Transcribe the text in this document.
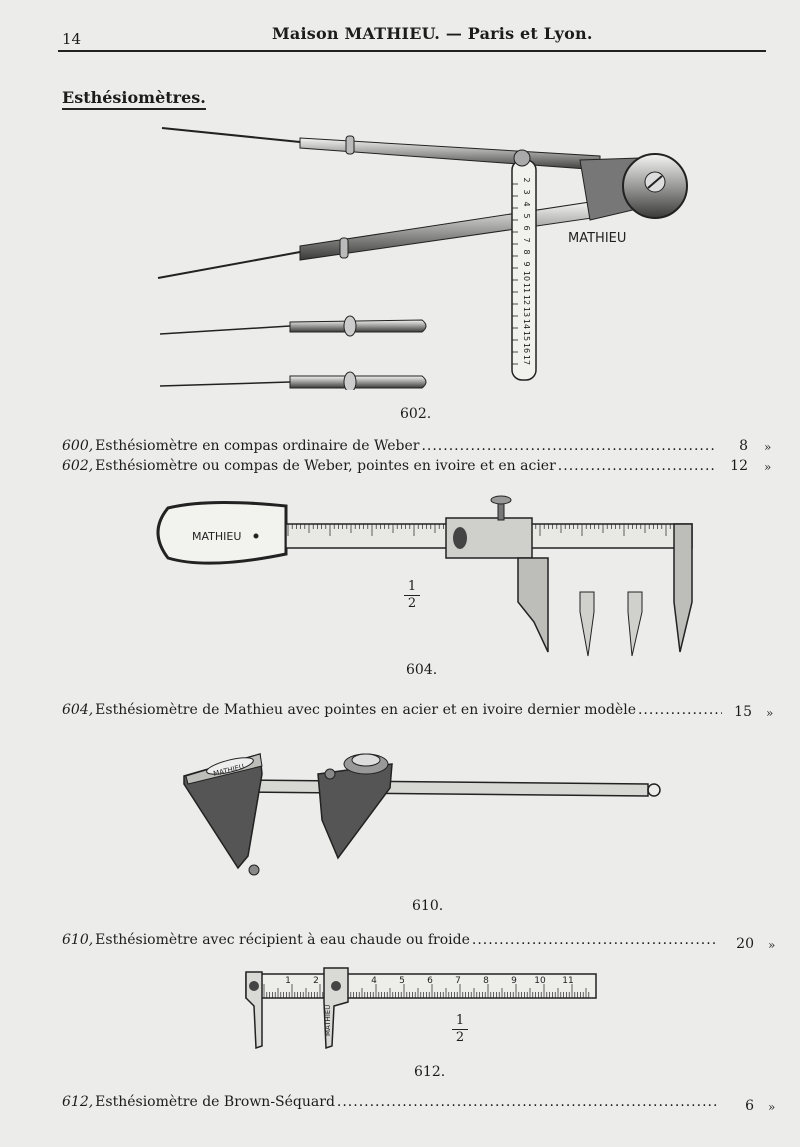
14	Maison MATHIEU. — Paris et Lyon.
Esthésiomètres.
MATHIEU
2
3
4
5
6
7
8
9
10
11
12
13
14
15
16
17
602.
600, Esthésiomètre en compas ordinaire de Weber .....	8 »
602, Esthésiomètre ou compas de Weber, pointes en ivoire et en acier .....	12 »
MATHIEU
1
2
604.
604, Esthésiomètre de Mathieu avec pointes en acier et en ivoire dernier modèle .....	15 »
MATHIEU
610.
610, Esthésiomètre avec récipient à eau chaude ou froide .....	20 »
1 2	4 5 6 7 8 9 10 11
MATHIEU	1
2
612.
612, Esthésiomètre de Brown-Séquard .....	6 »
